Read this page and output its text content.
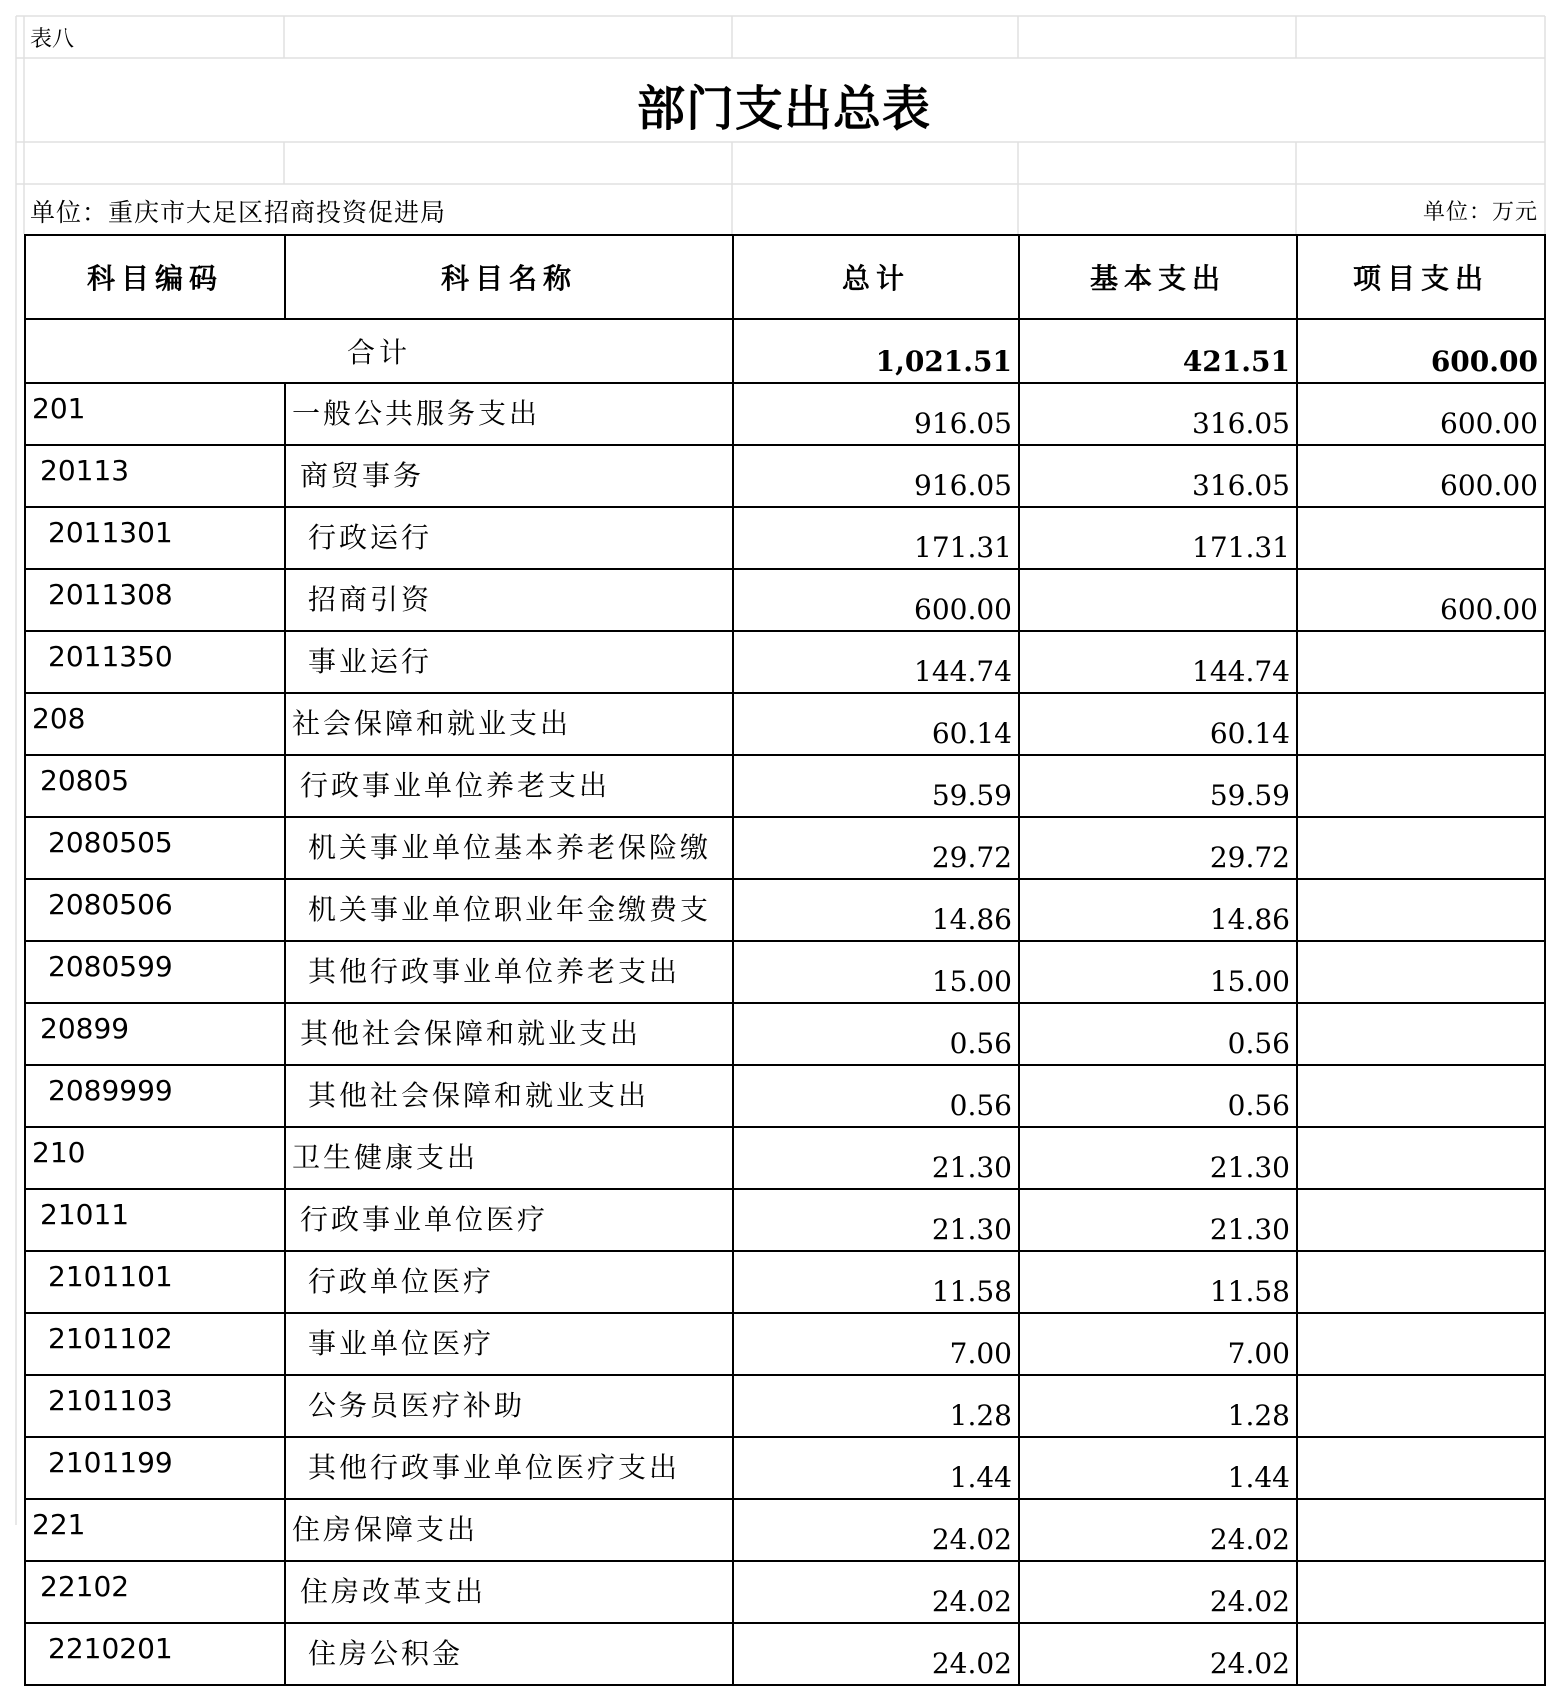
表八
部门支出总表
单位：重庆市大足区招商投资促进局	单位：万元
科目编码	科目名称	总计	基本支出	项目支出
合计		1,021.51	421.51	600.00
201	一般公共服务支出	916.05	316.05	600.00
20113	商贸事务	916.05	316.05	600.00
2011301	行政运行	171.31	171.31	
2011308	招商引资	600.00		600.00
2011350	事业运行	144.74	144.74	
208	社会保障和就业支出	60.14	60.14	
20805	行政事业单位养老支出	59.59	59.59	
2080505	机关事业单位基本养老保险缴	29.72	29.72	
2080506	机关事业单位职业年金缴费支	14.86	14.86	
2080599	其他行政事业单位养老支出	15.00	15.00	
20899	其他社会保障和就业支出	0.56	0.56	
2089999	其他社会保障和就业支出	0.56	0.56	
210	卫生健康支出	21.30	21.30	
21011	行政事业单位医疗	21.30	21.30	
2101101	行政单位医疗	11.58	11.58	
2101102	事业单位医疗	7.00	7.00	
2101103	公务员医疗补助	1.28	1.28	
2101199	其他行政事业单位医疗支出	1.44	1.44	
221	住房保障支出	24.02	24.02	
22102	住房改革支出	24.02	24.02	
2210201	住房公积金	24.02	24.02	
